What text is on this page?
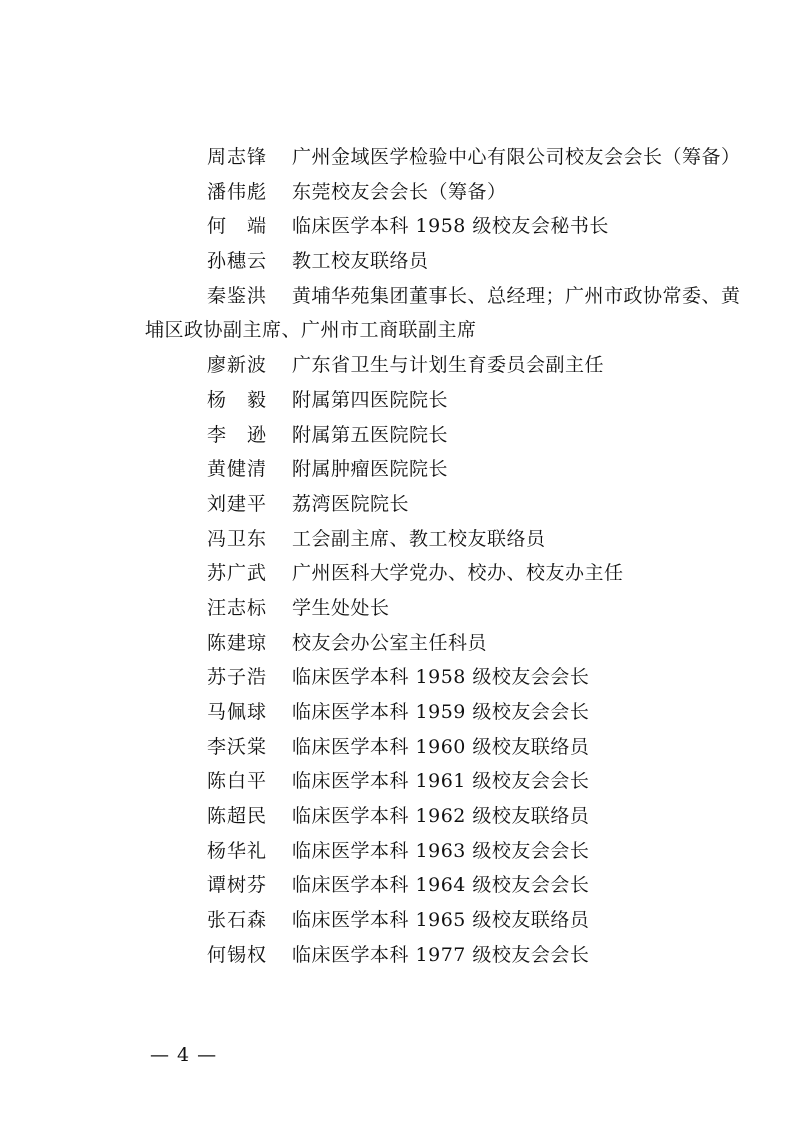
周志锋 广州金域医学检验中心有限公司校友会会长（筹备）
潘伟彪 东莞校友会会长（筹备）
何　端 临床医学本科 1958 级校友会秘书长
孙穗云 教工校友联络员
秦鉴洪 黄埔华苑集团董事长、总经理；广州市政协常委、黄
埔区政协副主席、广州市工商联副主席
廖新波 广东省卫生与计划生育委员会副主任
杨　毅 附属第四医院院长
李　逊 附属第五医院院长
黄健清 附属肿瘤医院院长
刘建平 荔湾医院院长
冯卫东 工会副主席、教工校友联络员
苏广武 广州医科大学党办、校办、校友办主任
汪志标 学生处处长
陈建琼 校友会办公室主任科员
苏子浩 临床医学本科 1958 级校友会会长
马佩球 临床医学本科 1959 级校友会会长
李沃棠 临床医学本科 1960 级校友联络员
陈白平 临床医学本科 1961 级校友会会长
陈超民 临床医学本科 1962 级校友联络员
杨华礼 临床医学本科 1963 级校友会会长
谭树芬 临床医学本科 1964 级校友会会长
张石森 临床医学本科 1965 级校友联络员
何锡权 临床医学本科 1977 级校友会会长
— 4 —
